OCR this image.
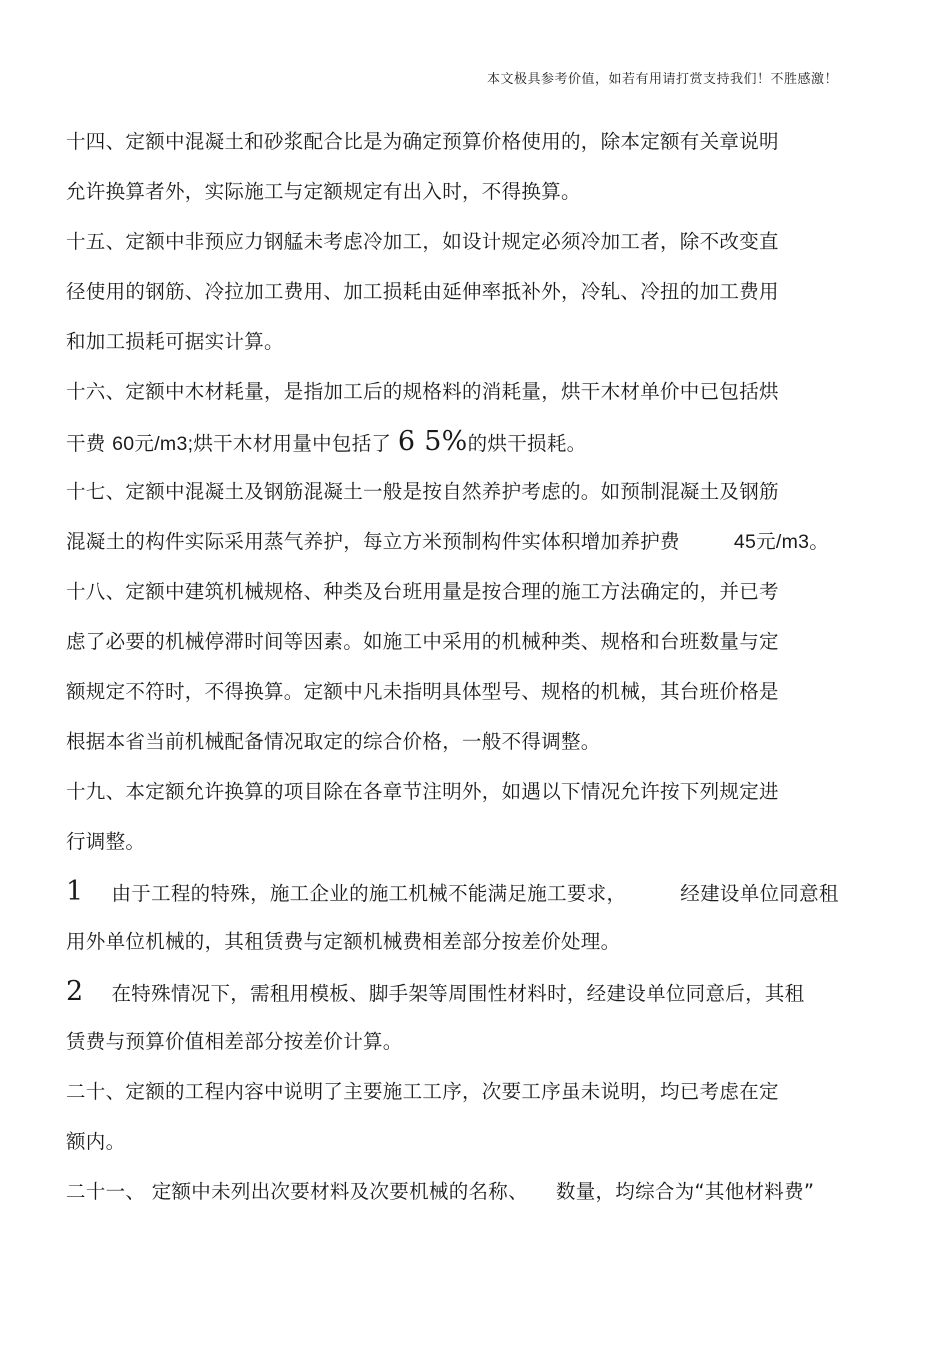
本文极具参考价值，如若有用请打赏支持我们！不胜感激！
十四、定额中混凝土和砂浆配合比是为确定预算价格使用的，除本定额有关章说明
允许换算者外，实际施工与定额规定有出入时，不得换算。
十五、定额中非预应力钢艋未考虑冷加工，如设计规定必须冷加工者，除不改变直
径使用的钢筋、冷拉加工费用、加工损耗由延伸率抵补外，冷轧、冷扭的加工费用
和加工损耗可据实计算。
十六、定额中木材耗量，是指加工后的规格料的消耗量，烘干木材单价中已包括烘
干费 60元/m3;烘干木材用量中包括了 6 5%的烘干损耗。
十七、定额中混凝土及钢筋混凝土一般是按自然养护考虑的。如预制混凝土及钢筋
混凝土的构件实际采用蒸气养护，每立方米预制构件实体积增加养护费	45元/m3。
十八、定额中建筑机械规格、种类及台班用量是按合理的施工方法确定的，并已考
虑了必要的机械停滞时间等因素。如施工中采用的机械种类、规格和台班数量与定
额规定不符时，不得换算。定额中凡未指明具体型号、规格的机械，其台班价格是
根据本省当前机械配备情况取定的综合价格，一般不得调整。
十九、本定额允许换算的项目除在各章节注明外，如遇以下情况允许按下列规定进
行调整。
1 由于工程的特殊，施工企业的施工机械不能满足施工要求，	经建设单位同意租
用外单位机械的，其租赁费与定额机械费相差部分按差价处理。
2 在特殊情况下，需租用模板、脚手架等周围性材料时，经建设单位同意后，其租
赁费与预算价值相差部分按差价计算。
二十、定额的工程内容中说明了主要施工工序，次要工序虽未说明，均已考虑在定
额内。
二十一、 定额中未列出次要材料及次要机械的名称、 数量，均综合为“其他材料费”
